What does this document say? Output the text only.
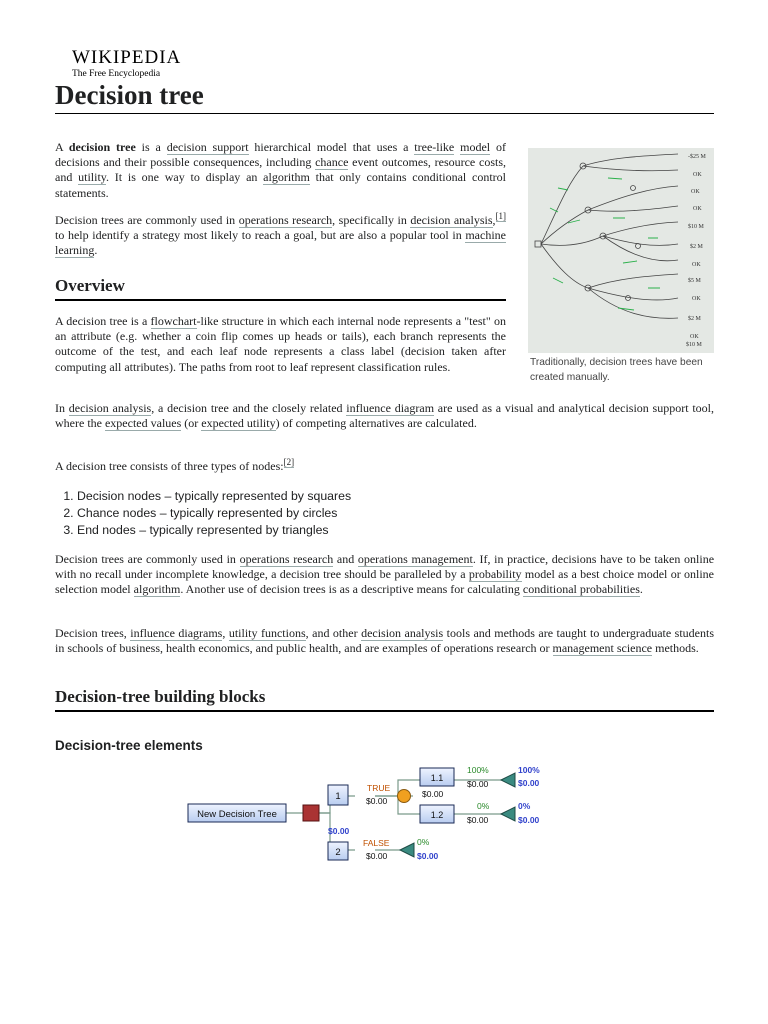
WIKIPEDIA
The Free Encyclopedia
Decision tree
-$25 M
OK
OK
OK
$10 M
$2 M
OK
$5 M
OK
$2 M
OK
$10 M
Traditionally, decision trees have been created manually.

A decision tree is a decision support hierarchical model that uses a tree-like model of decisions and their possible consequences, including chance event outcomes, resource costs, and utility. It is one way to display an algorithm that only contains conditional control statements.

Decision trees are commonly used in operations research, specifically in decision analysis,[1] to help identify a strategy most likely to reach a goal, but are also a popular tool in machine learning.

Overview

A decision tree is a flowchart-like structure in which each internal node represents a "test" on an attribute (e.g. whether a coin flip comes up heads or tails), each branch represents the outcome of the test, and each leaf node represents a class label (decision taken after computing all attributes). The paths from root to leaf represent classification rules.

In decision analysis, a decision tree and the closely related influence diagram are used as a visual and analytical decision support tool, where the expected values (or expected utility) of competing alternatives are calculated.

A decision tree consists of three types of nodes:[2]

1. Decision nodes – typically represented by squares
2. Chance nodes – typically represented by circles
3. End nodes – typically represented by triangles

Decision trees are commonly used in operations research and operations management. If, in practice, decisions have to be taken online with no recall under incomplete knowledge, a decision tree should be paralleled by a probability model as a best choice model or online selection model algorithm. Another use of decision trees is as a descriptive means for calculating conditional probabilities.

Decision trees, influence diagrams, utility functions, and other decision analysis tools and methods are taught to undergraduate students in schools of business, health economics, and public health, and are examples of operations research or management science methods.

Decision-tree building blocks
Decision-tree elements
New Decision Tree
1
2
TRUE
$0.00
FALSE
$0.00
0%
$0.00
1.1
$0.00
100%
$0.00
100%
$0.00
1.2
0%
$0.00
0%
$0.00
$0.00
